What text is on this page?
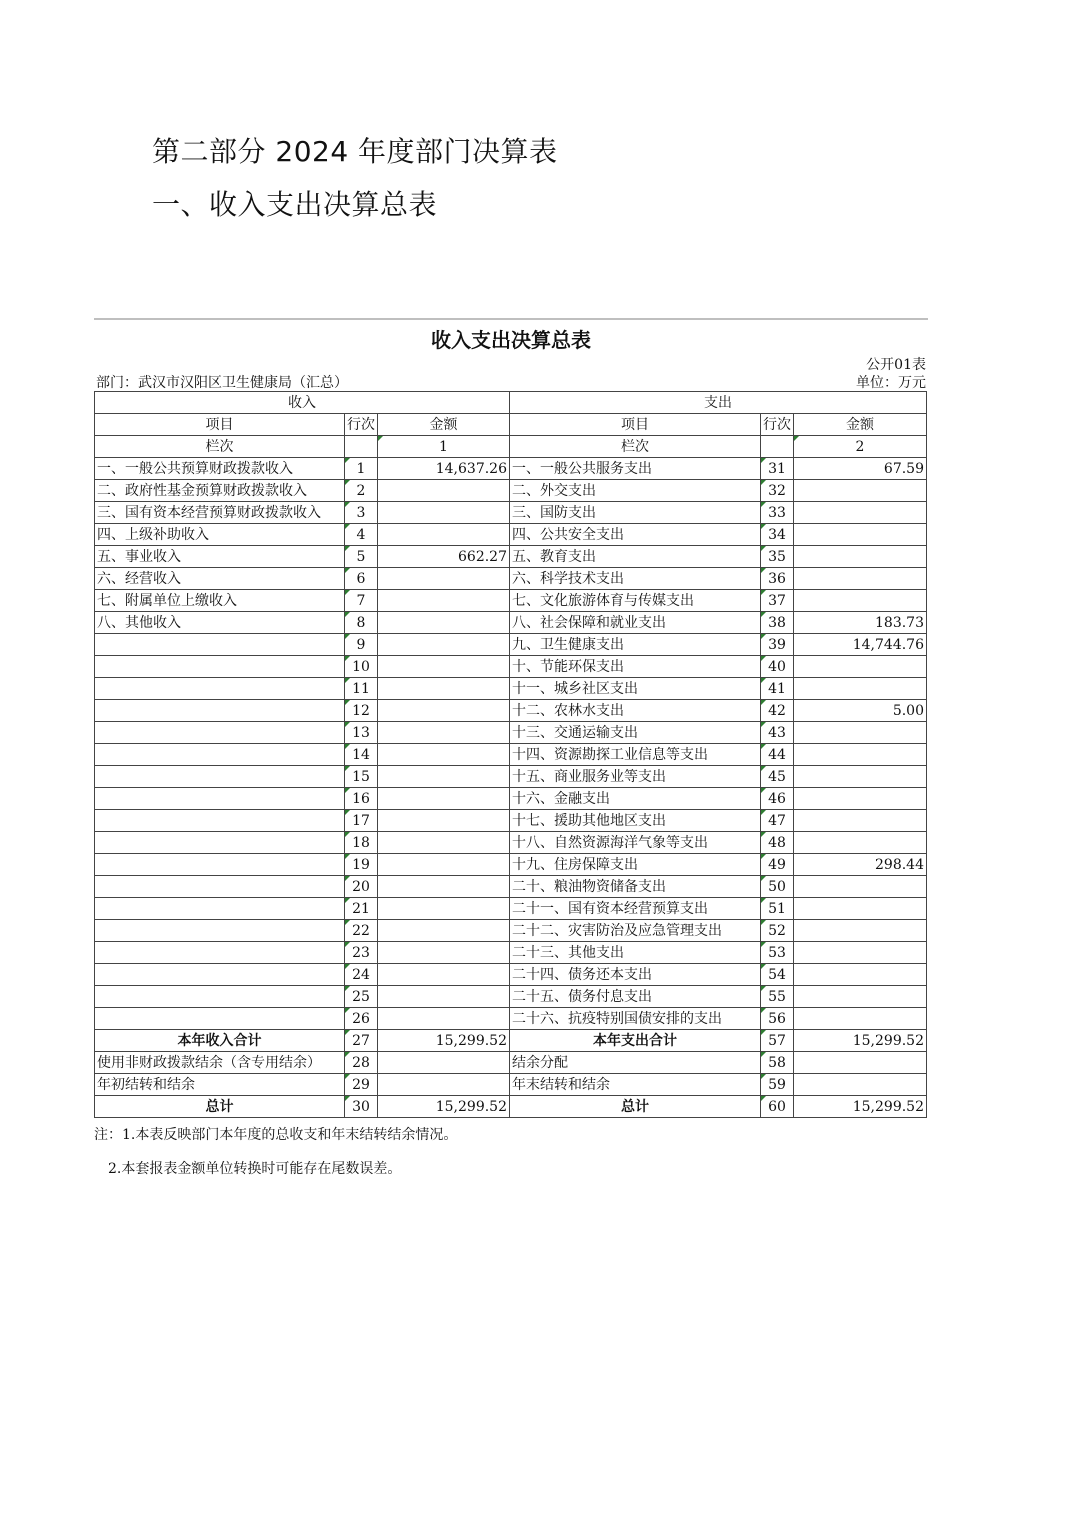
第二部分 2024 年度部门决算表
一、收入支出决算总表
收入支出决算总表
公开01表
部门：武汉市汉阳区卫生健康局（汇总）	单位：万元
收入			支出		
项目	行次	金额	项目	行次	金额
栏次		1	栏次		2
一、一般公共预算财政拨款收入	1	14,637.26	一、一般公共服务支出	31	67.59
二、政府性基金预算财政拨款收入	2		二、外交支出	32	
三、国有资本经营预算财政拨款收入	3		三、国防支出	33	
四、上级补助收入	4		四、公共安全支出	34	
五、事业收入	5	662.27	五、教育支出	35	
六、经营收入	6		六、科学技术支出	36	
七、附属单位上缴收入	7		七、文化旅游体育与传媒支出	37	
八、其他收入	8		八、社会保障和就业支出	38	183.73
	9		九、卫生健康支出	39	14,744.76
	10		十、节能环保支出	40	
	11		十一、城乡社区支出	41	
	12		十二、农林水支出	42	5.00
	13		十三、交通运输支出	43	
	14		十四、资源勘探工业信息等支出	44	
	15		十五、商业服务业等支出	45	
	16		十六、金融支出	46	
	17		十七、援助其他地区支出	47	
	18		十八、自然资源海洋气象等支出	48	
	19		十九、住房保障支出	49	298.44
	20		二十、粮油物资储备支出	50	
	21		二十一、国有资本经营预算支出	51	
	22		二十二、灾害防治及应急管理支出	52	
	23		二十三、其他支出	53	
	24		二十四、债务还本支出	54	
	25		二十五、债务付息支出	55	
	26		二十六、抗疫特别国债安排的支出	56	
本年收入合计	27	15,299.52	本年支出合计	57	15,299.52
使用非财政拨款结余（含专用结余）	28		结余分配	58	
年初结转和结余	29		年末结转和结余	59	
总计	30	15,299.52	总计	60	15,299.52
注：1.本表反映部门本年度的总收支和年末结转结余情况。
2.本套报表金额单位转换时可能存在尾数误差。
